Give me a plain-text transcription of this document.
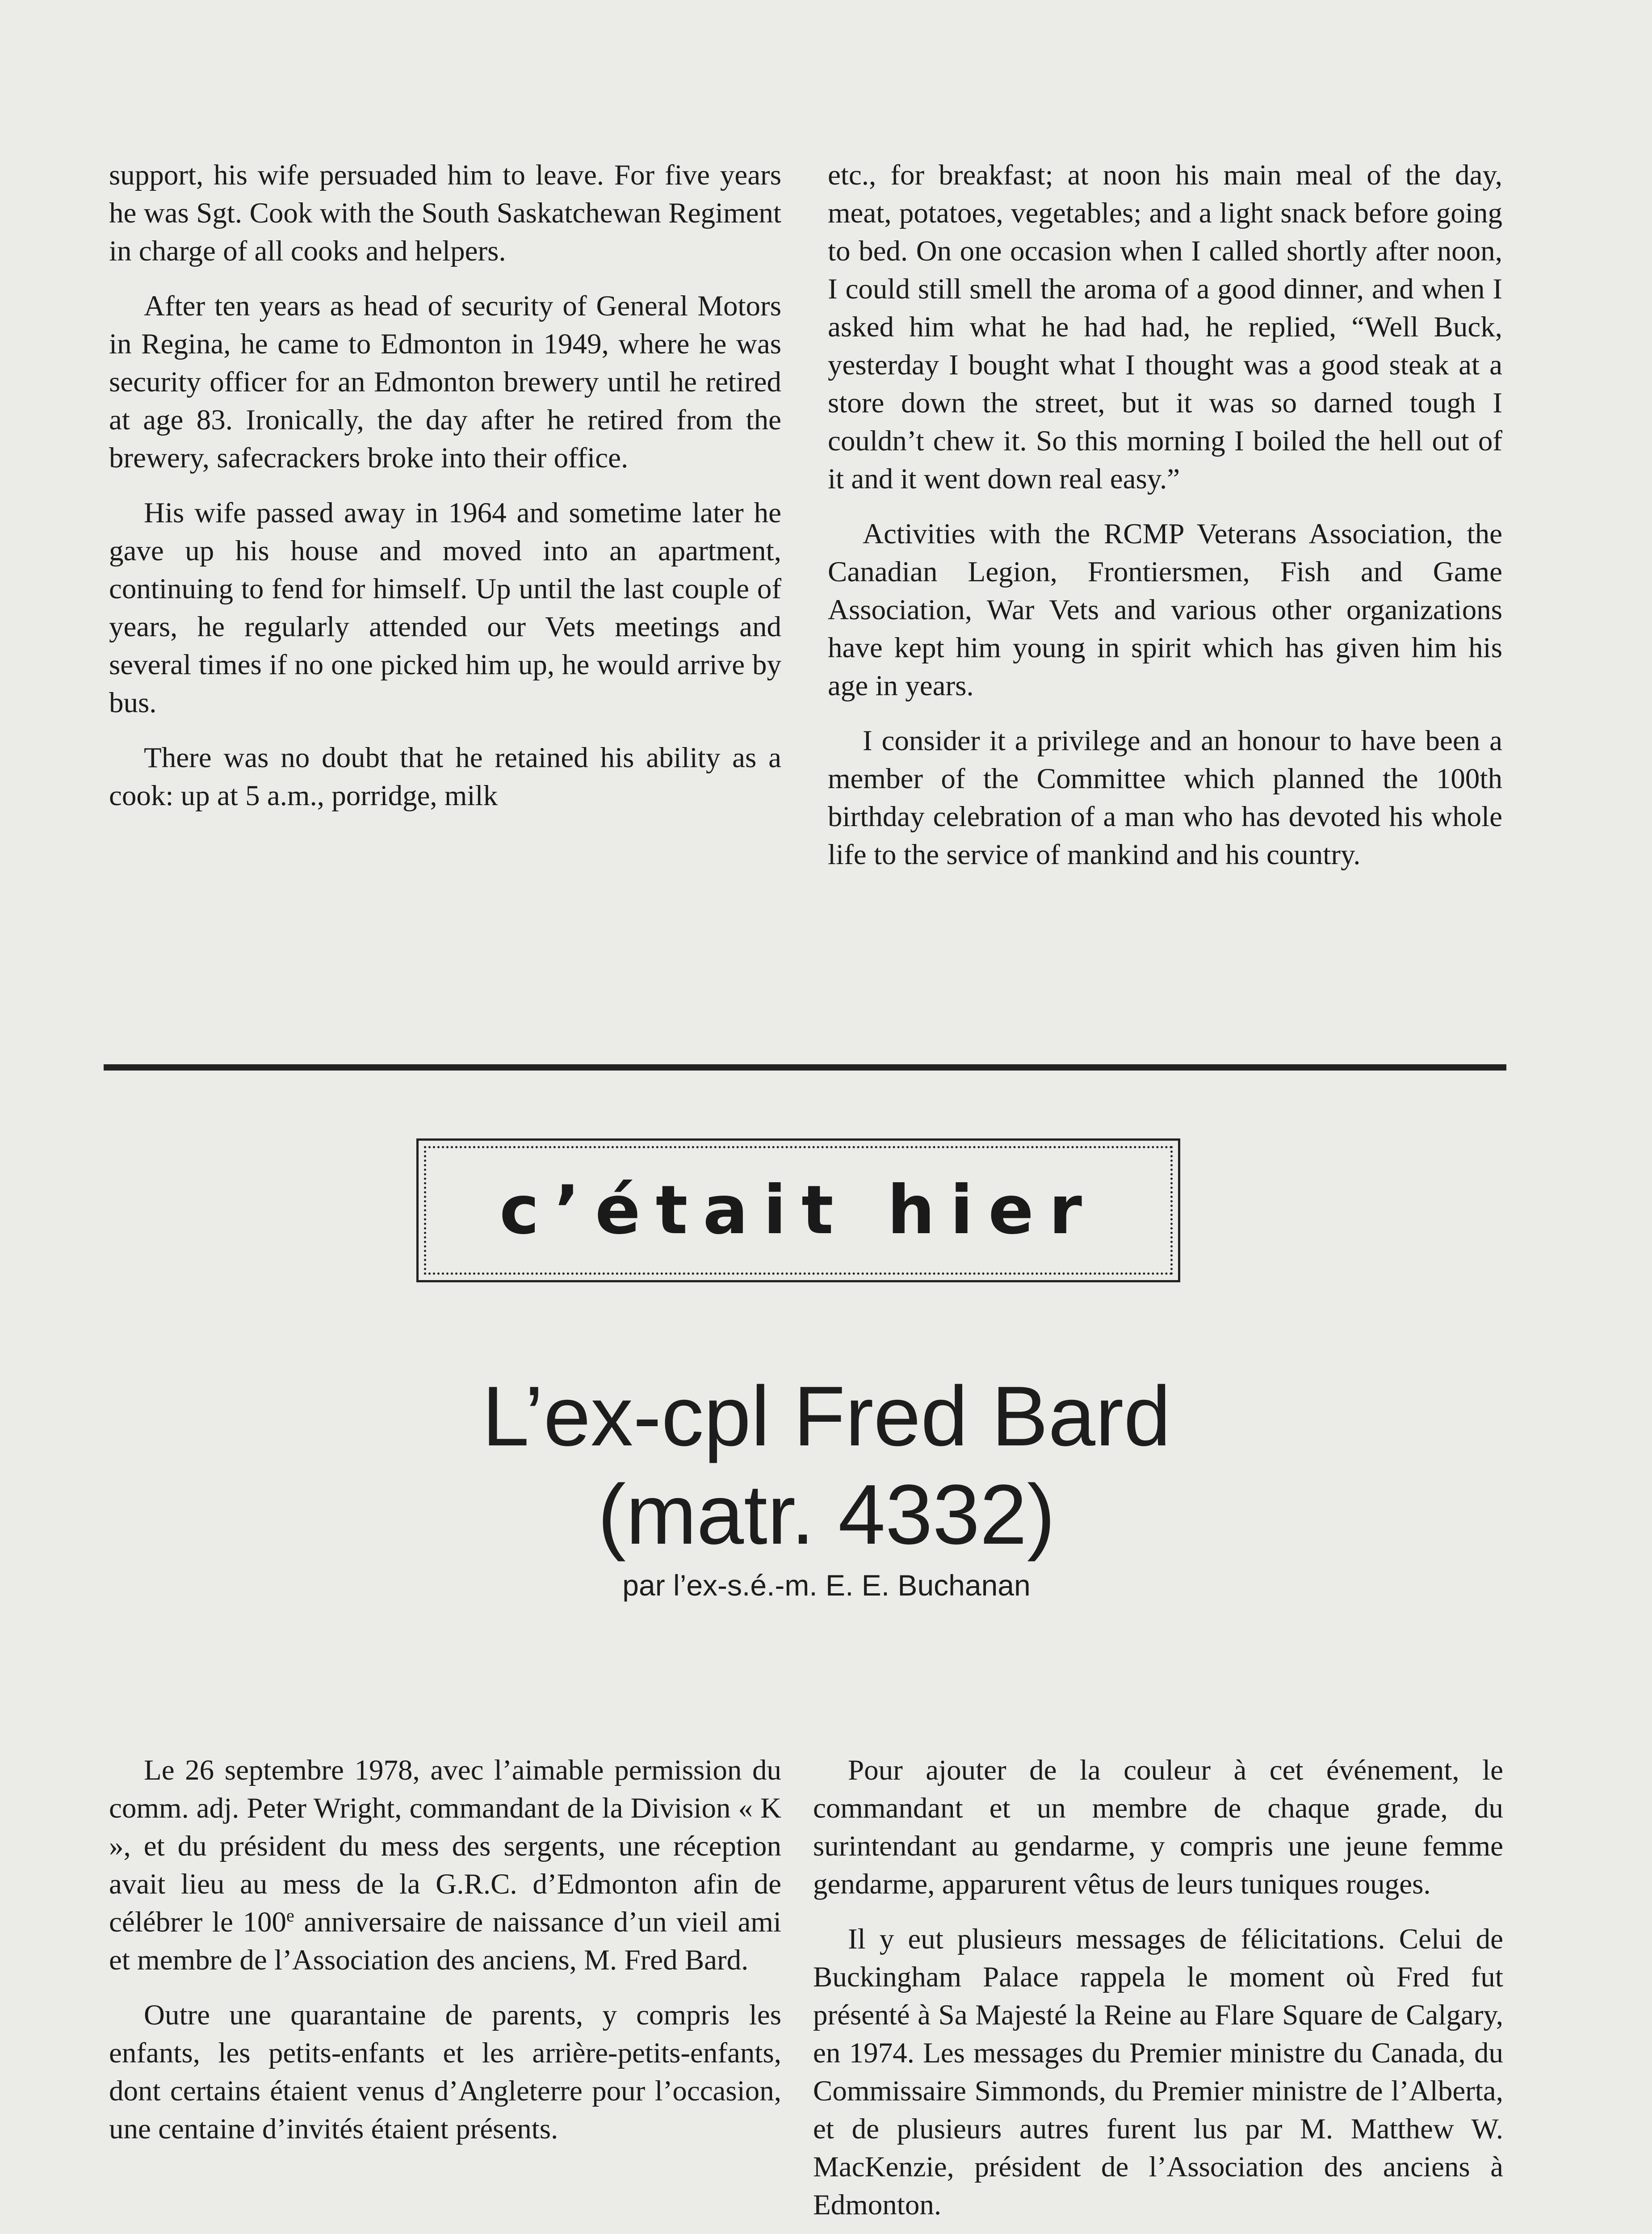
support, his wife persuaded him to leave. For five years he was Sgt. Cook with the South Saskatchewan Regiment in charge of all cooks and helpers.

After ten years as head of security of General Motors in Regina, he came to Edmonton in 1949, where he was security officer for an Edmonton brewery until he retired at age 83. Ironically, the day after he retired from the brewery, safecrackers broke into their office.

His wife passed away in 1964 and sometime later he gave up his house and moved into an apartment, continuing to fend for himself. Up until the last couple of years, he regularly attended our Vets meetings and several times if no one picked him up, he would arrive by bus.

There was no doubt that he retained his ability as a cook: up at 5 a.m., porridge, milk

etc., for breakfast; at noon his main meal of the day, meat, potatoes, vegetables; and a light snack before going to bed. On one occasion when I called shortly after noon, I could still smell the aroma of a good dinner, and when I asked him what he had had, he replied, “Well Buck, yesterday I bought what I thought was a good steak at a store down the street, but it was so darned tough I couldn’t chew it. So this morning I boiled the hell out of it and it went down real easy.”

Activities with the RCMP Veterans Association, the Canadian Legion, Frontiersmen, Fish and Game Association, War Vets and various other organizations have kept him young in spirit which has given him his age in years.

I consider it a privilege and an honour to have been a member of the Committee which planned the 100th birthday celebration of a man who has devoted his whole life to the service of mankind and his country.

c’était hier
L’ex-cpl Fred Bard
(matr. 4332)
par l’ex-s.é.-m. E. E. Buchanan

Le 26 septembre 1978, avec l’aimable permission du comm. adj. Peter Wright, commandant de la Division « K », et du président du mess des sergents, une réception avait lieu au mess de la G.R.C. d’Edmonton afin de célébrer le 100e anniversaire de naissance d’un vieil ami et membre de l’Association des anciens, M. Fred Bard.

Outre une quarantaine de parents, y compris les enfants, les petits-enfants et les arrière-petits-enfants, dont certains étaient venus d’Angleterre pour l’occasion, une centaine d’invités étaient présents.

Pour ajouter de la couleur à cet événement, le commandant et un membre de chaque grade, du surintendant au gendarme, y compris une jeune femme gendarme, apparurent vêtus de leurs tuniques rouges.

Il y eut plusieurs messages de félicitations. Celui de Buckingham Palace rappela le moment où Fred fut présenté à Sa Majesté la Reine au Flare Square de Calgary, en 1974. Les messages du Premier ministre du Canada, du Commissaire Simmonds, du Premier ministre de l’Alberta, et de plusieurs autres furent lus par M. Matthew W. MacKenzie, président de l’Association des anciens à Edmonton.
